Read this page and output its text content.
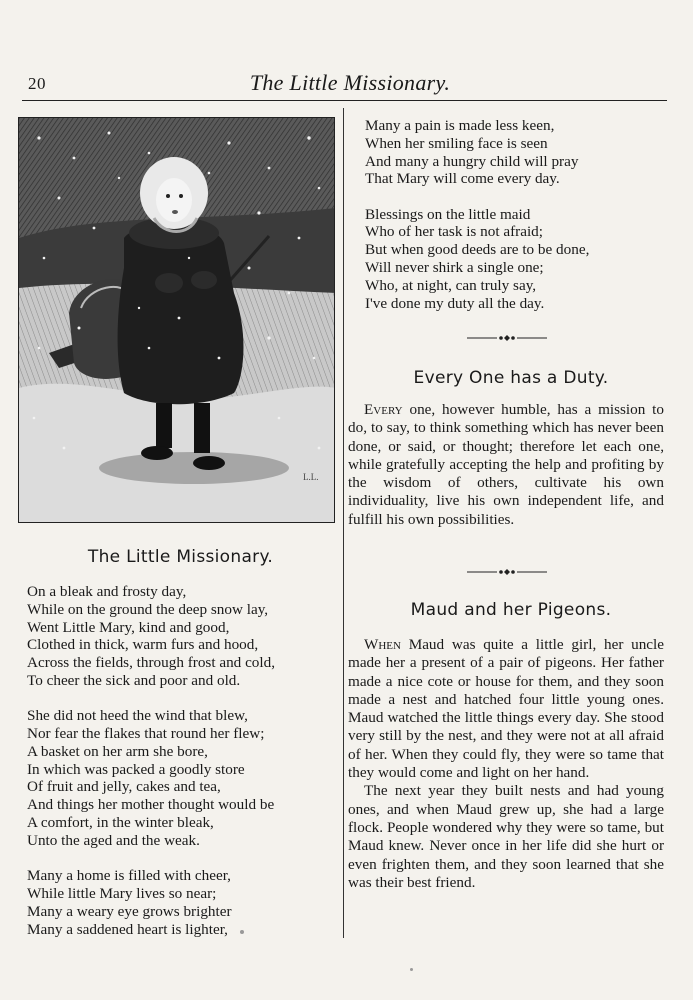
20	The Little Missionary.
L.L.
The Little Missionary.
On a bleak and frosty day,
While on the ground the deep snow lay,
Went Little Mary, kind and good,
Clothed in thick, warm furs and hood,
Across the fields, through frost and cold,
To cheer the sick and poor and old.
She did not heed the wind that blew,
Nor fear the flakes that round her flew;
A basket on her arm she bore,
In which was packed a goodly store
Of fruit and jelly, cakes and tea,
And things her mother thought would be
A comfort, in the winter bleak,
Unto the aged and the weak.
Many a home is filled with cheer,
While little Mary lives so near;
Many a weary eye grows brighter
Many a saddened heart is lighter,
Many a pain is made less keen,
When her smiling face is seen
And many a hungry child will pray
That Mary will come every day.
Blessings on the little maid
Who of her task is not afraid;
But when good deeds are to be done,
Will never shirk a single one;
Who, at night, can truly say,
I've done my duty all the day.
Every One has a Duty.

Every one, however humble, has a mission to do, to say, to think something which has never been done, or said, or thought; therefore let each one, while gratefully accepting the help and profiting by the wisdom of others, cultivate his own individuality, live his own independent life, and fulfill his own possibilities.

Maud and her Pigeons.

When Maud was quite a little girl, her uncle made her a present of a pair of pigeons. Her father made a nice cote or house for them, and they soon made a nest and hatched four little young ones. Maud watched the little things every day. She stood very still by the nest, and they were not at all afraid of her. When they could fly, they were so tame that they would come and light on her hand.

The next year they built nests and had young ones, and when Maud grew up, she had a large flock. People wondered why they were so tame, but Maud knew. Never once in her life did she hurt or even frighten them, and they soon learned that she was their best friend.
